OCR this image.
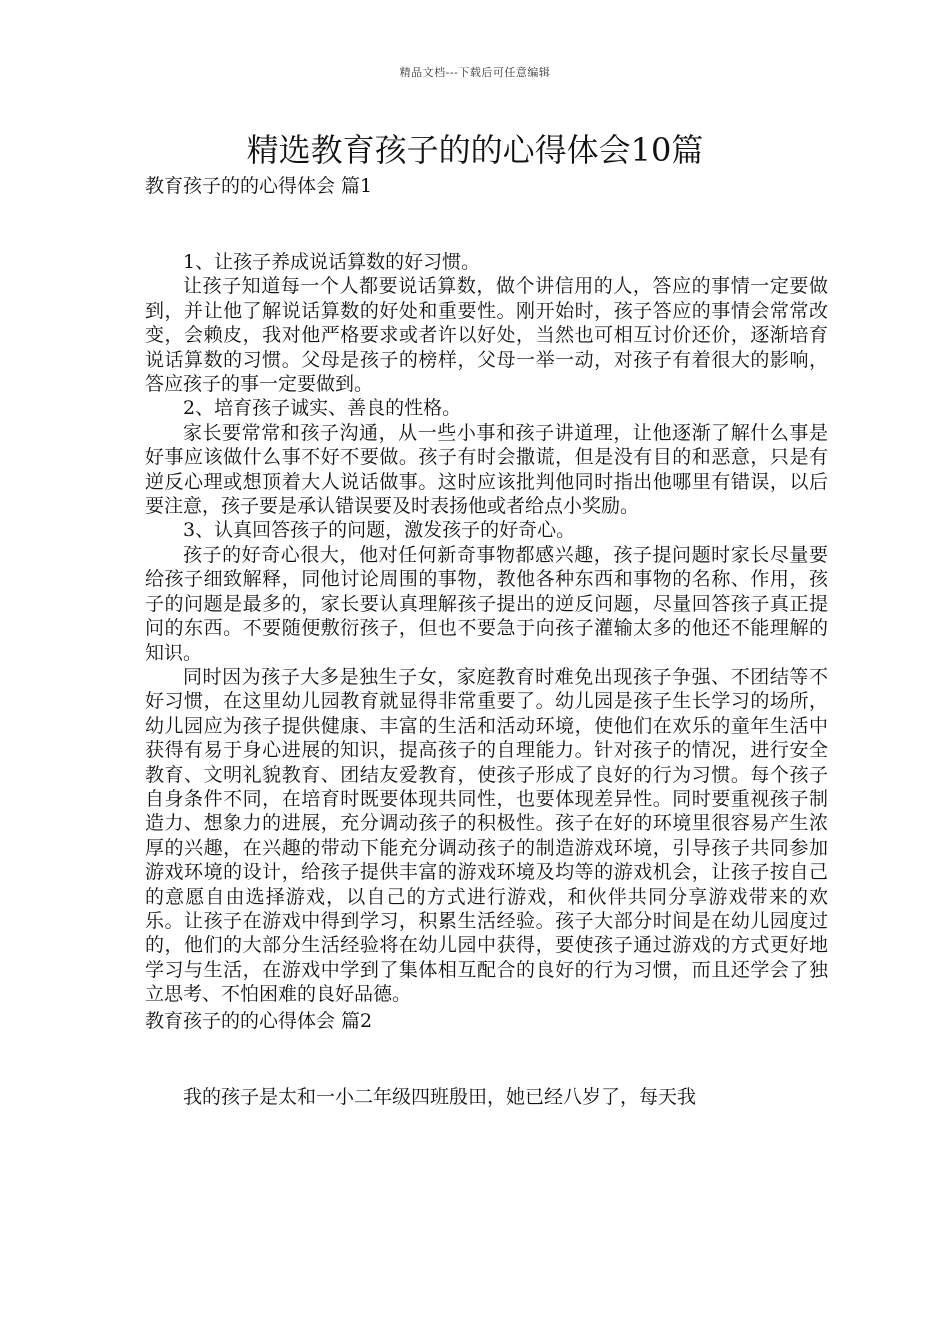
精品文档---下载后可任意编辑
精选教育孩子的的心得体会10篇
教育孩子的的心得体会 篇1

1、让孩子养成说话算数的好习惯。

让孩子知道每一个人都要说话算数，做个讲信用的人，答应的事情一定要做到，并让他了解说话算数的好处和重要性。刚开始时，孩子答应的事情会常常改变，会赖皮，我对他严格要求或者许以好处，当然也可相互讨价还价，逐渐培育说话算数的习惯。父母是孩子的榜样，父母一举一动，对孩子有着很大的影响，答应孩子的事一定要做到。

2、培育孩子诚实、善良的性格。

家长要常常和孩子沟通，从一些小事和孩子讲道理，让他逐渐了解什么事是好事应该做什么事不好不要做。孩子有时会撒谎，但是没有目的和恶意，只是有逆反心理或想顶着大人说话做事。这时应该批判他同时指出他哪里有错误，以后要注意，孩子要是承认错误要及时表扬他或者给点小奖励。

3、认真回答孩子的问题，激发孩子的好奇心。

孩子的好奇心很大，他对任何新奇事物都感兴趣，孩子提问题时家长尽量要给孩子细致解释，同他讨论周围的事物，教他各种东西和事物的名称、作用，孩子的问题是最多的，家长要认真理解孩子提出的逆反问题，尽量回答孩子真正提问的东西。不要随便敷衍孩子，但也不要急于向孩子灌输太多的他还不能理解的知识。

同时因为孩子大多是独生子女，家庭教育时难免出现孩子争强、不团结等不好习惯，在这里幼儿园教育就显得非常重要了。幼儿园是孩子生长学习的场所，幼儿园应为孩子提供健康、丰富的生活和活动环境，使他们在欢乐的童年生活中获得有易于身心进展的知识，提高孩子的自理能力。针对孩子的情况，进行安全教育、文明礼貌教育、团结友爱教育，使孩子形成了良好的行为习惯。每个孩子自身条件不同，在培育时既要体现共同性，也要体现差异性。同时要重视孩子制造力、想象力的进展，充分调动孩子的积极性。孩子在好的环境里很容易产生浓厚的兴趣，在兴趣的带动下能充分调动孩子的制造游戏环境，引导孩子共同参加游戏环境的设计，给孩子提供丰富的游戏环境及均等的游戏机会，让孩子按自己的意愿自由选择游戏，以自己的方式进行游戏，和伙伴共同分享游戏带来的欢乐。让孩子在游戏中得到学习，积累生活经验。孩子大部分时间是在幼儿园度过的，他们的大部分生活经验将在幼儿园中获得，要使孩子通过游戏的方式更好地学习与生活，在游戏中学到了集体相互配合的良好的行为习惯，而且还学会了独立思考、不怕困难的良好品德。

教育孩子的的心得体会 篇2

我的孩子是太和一小二年级四班殷田，她已经八岁了，每天我
